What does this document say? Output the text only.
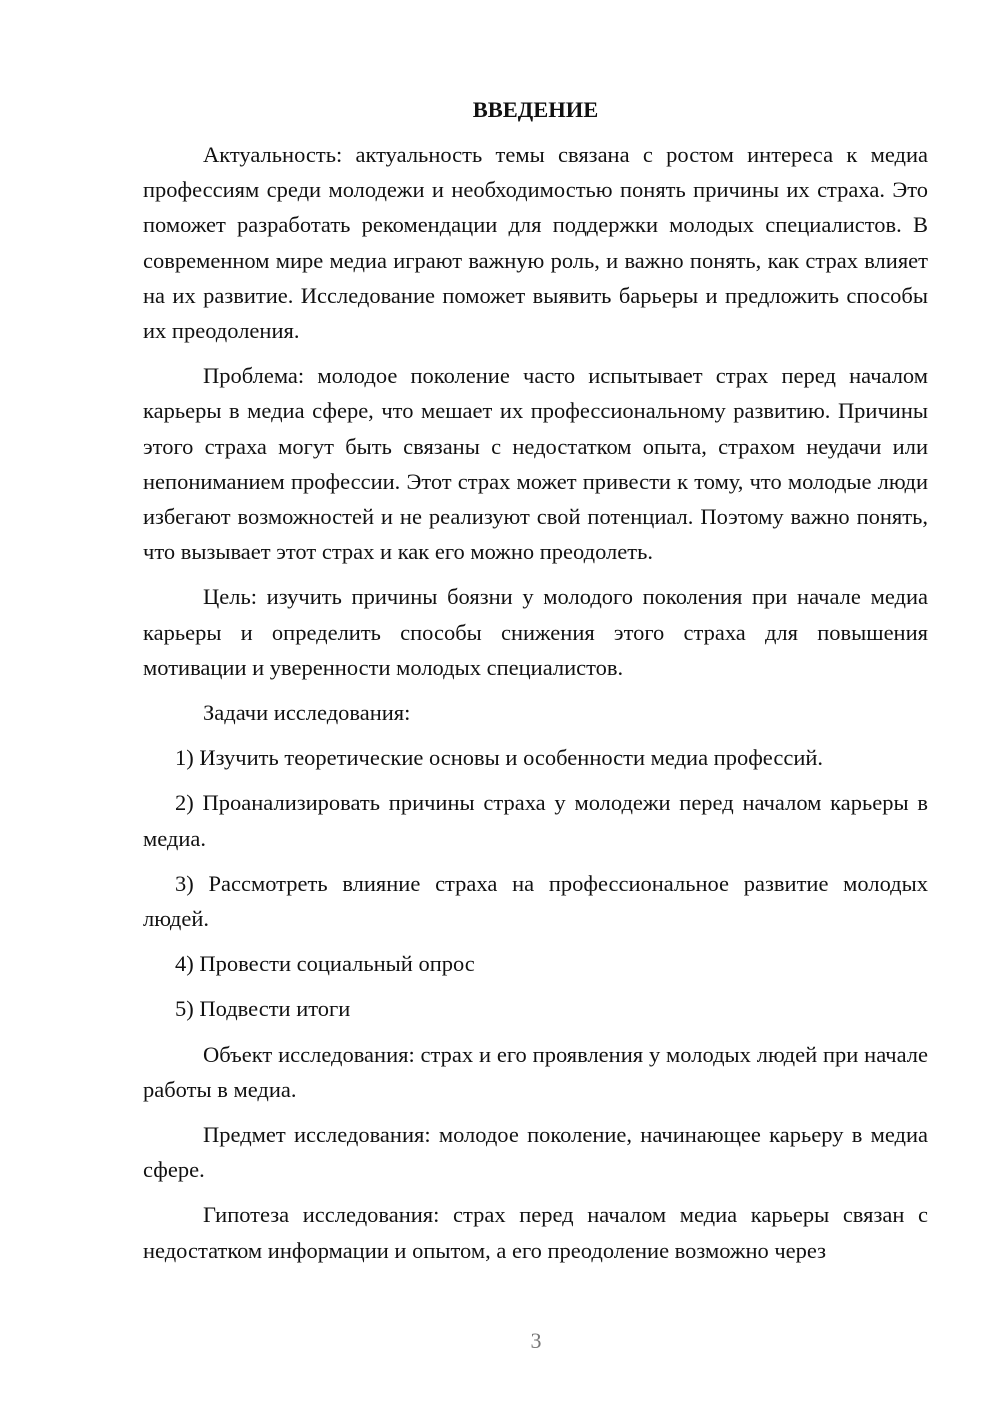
ВВЕДЕНИЕ

Актуальность: актуальность темы связана с ростом интереса к медиа профессиям среди молодежи и необходимостью понять причины их страха. Это поможет разработать рекомендации для поддержки молодых специалистов. В современном мире медиа играют важную роль, и важно понять, как страх влияет на их развитие. Исследование поможет выявить барьеры и предложить способы их преодоления.

Проблема: молодое поколение часто испытывает страх перед началом карьеры в медиа сфере, что мешает их профессиональному развитию. Причины этого страха могут быть связаны с недостатком опыта, страхом неудачи или непониманием профессии. Этот страх может привести к тому, что молодые люди избегают возможностей и не реализуют свой потенциал. Поэтому важно понять, что вызывает этот страх и как его можно преодолеть.

Цель: изучить причины боязни у молодого поколения при начале медиа карьеры и определить способы снижения этого страха для повышения мотивации и уверенности молодых специалистов.

Задачи исследования:

1) Изучить теоретические основы и особенности медиа профессий.

2) Проанализировать причины страха у молодежи перед началом карьеры в медиа.

3) Рассмотреть влияние страха на профессиональное развитие молодых людей.

4) Провести социальный опрос

5) Подвести итоги

Объект исследования: страх и его проявления у молодых людей при начале работы в медиа.

Предмет исследования: молодое поколение, начинающее карьеру в медиа сфере.

Гипотеза исследования: страх перед началом медиа карьеры связан с недостатком информации и опытом, а его преодоление возможно через

3
